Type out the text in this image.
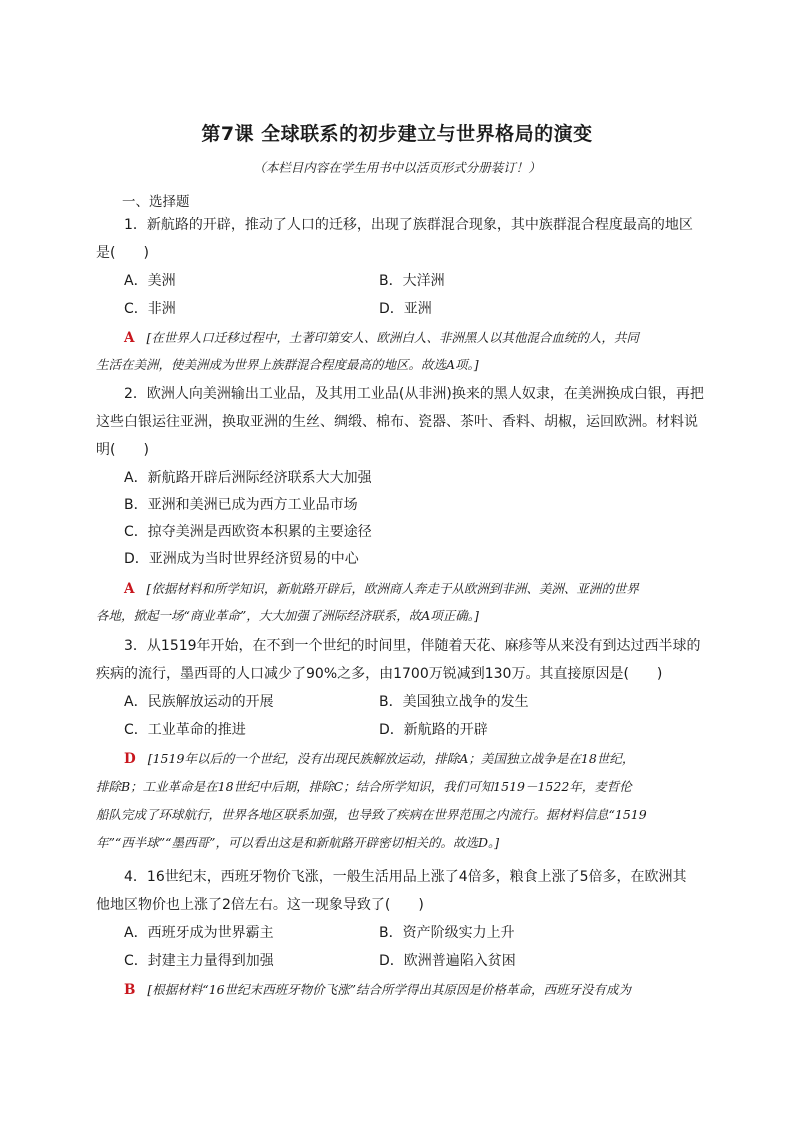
第7课 全球联系的初步建立与世界格局的演变
（本栏目内容在学生用书中以活页形式分册装订！）
一、选择题
1．新航路的开辟，推动了人口的迁移，出现了族群混合现象，其中族群混合程度最高的地区
是(　　)
A．美洲	B．大洋洲
C．非洲	D．亚洲
A [在世界人口迁移过程中，土著印第安人、欧洲白人、非洲黑人以其他混合血统的人，共同
生活在美洲，使美洲成为世界上族群混合程度最高的地区。故选A项。]
2．欧洲人向美洲输出工业品，及其用工业品(从非洲)换来的黑人奴隶，在美洲换成白银，再把
这些白银运往亚洲，换取亚洲的生丝、绸缎、棉布、瓷器、茶叶、香料、胡椒，运回欧洲。材料说
明(　　)
A．新航路开辟后洲际经济联系大大加强
B．亚洲和美洲已成为西方工业品市场
C．掠夺美洲是西欧资本积累的主要途径
D．亚洲成为当时世界经济贸易的中心
A [依据材料和所学知识，新航路开辟后，欧洲商人奔走于从欧洲到非洲、美洲、亚洲的世界
各地，掀起一场“商业革命”，大大加强了洲际经济联系，故A项正确。]
3．从1519年开始，在不到一个世纪的时间里，伴随着天花、麻疹等从来没有到达过西半球的
疾病的流行，墨西哥的人口减少了90%之多，由1700万锐减到130万。其直接原因是(　　)
A．民族解放运动的开展	B．美国独立战争的发生
C．工业革命的推进	D．新航路的开辟
D [1519年以后的一个世纪，没有出现民族解放运动，排除A；美国独立战争是在18世纪，
排除B；工业革命是在18世纪中后期，排除C；结合所学知识，我们可知1519－1522年，麦哲伦
船队完成了环球航行，世界各地区联系加强，也导致了疾病在世界范围之内流行。据材料信息“1519
年”“西半球”“墨西哥”，可以看出这是和新航路开辟密切相关的。故选D。]
4．16世纪末，西班牙物价飞涨，一般生活用品上涨了4倍多，粮食上涨了5倍多，在欧洲其
他地区物价也上涨了2倍左右。这一现象导致了(　　)
A．西班牙成为世界霸主	B．资产阶级实力上升
C．封建主力量得到加强	D．欧洲普遍陷入贫困
B [根据材料“16世纪末西班牙物价飞涨”结合所学得出其原因是价格革命，西班牙没有成为
